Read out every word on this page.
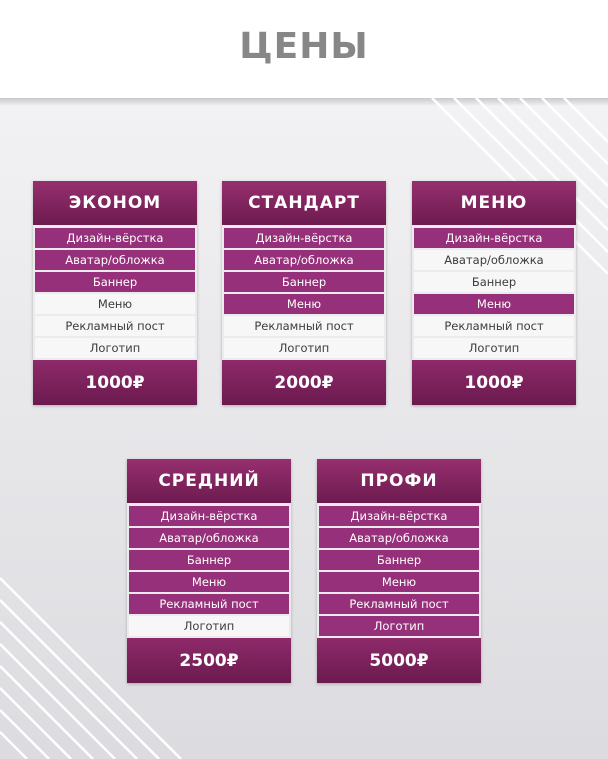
ЦЕНЫ
ЭКОНОМ
Дизайн-вёрстка
Аватар/обложка
Баннер
Меню
Рекламный пост
Логотип
1000₽
СТАНДАРТ
Дизайн-вёрстка
Аватар/обложка
Баннер
Меню
Рекламный пост
Логотип
2000₽
МЕНЮ
Дизайн-вёрстка
Аватар/обложка
Баннер
Меню
Рекламный пост
Логотип
1000₽
СРЕДНИЙ
Дизайн-вёрстка
Аватар/обложка
Баннер
Меню
Рекламный пост
Логотип
2500₽
ПРОФИ
Дизайн-вёрстка
Аватар/обложка
Баннер
Меню
Рекламный пост
Логотип
5000₽
